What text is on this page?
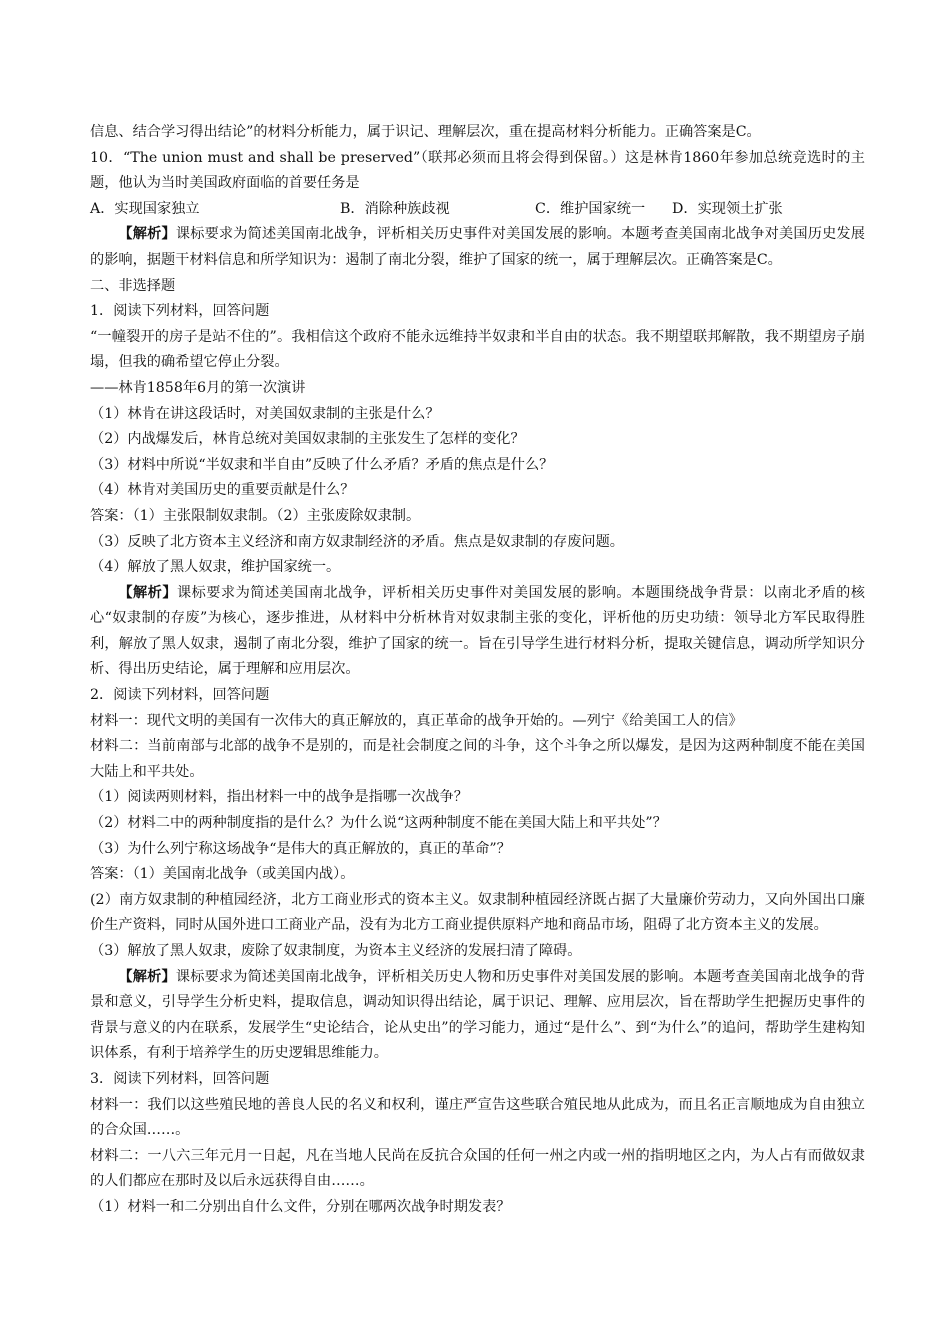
信息、结合学习得出结论”的材料分析能力，属于识记、理解层次，重在提高材料分析能力。正确答案是C。

10．“The union must and shall be preserved”（联邦必须而且将会得到保留。）这是林肯1860年参加总统竞选时的主题，他认为当时美国政府面临的首要任务是

A．实现国家独立	B．消除种族歧视	C．维护国家统一	D．实现领土扩张

【解析】课标要求为简述美国南北战争，评析相关历史事件对美国发展的影响。本题考查美国南北战争对美国历史发展的影响，据题干材料信息和所学知识为：遏制了南北分裂，维护了国家的统一，属于理解层次。正确答案是C。

二、非选择题

1．阅读下列材料，回答问题

“一幢裂开的房子是站不住的”。我相信这个政府不能永远维持半奴隶和半自由的状态。我不期望联邦解散，我不期望房子崩塌，但我的确希望它停止分裂。

——林肯1858年6月的第一次演讲

（1）林肯在讲这段话时，对美国奴隶制的主张是什么？

（2）内战爆发后，林肯总统对美国奴隶制的主张发生了怎样的变化？

（3）材料中所说“半奴隶和半自由”反映了什么矛盾？矛盾的焦点是什么？

（4）林肯对美国历史的重要贡献是什么？

答案：（1）主张限制奴隶制。（2）主张废除奴隶制。

（3）反映了北方资本主义经济和南方奴隶制经济的矛盾。焦点是奴隶制的存废问题。

（4）解放了黑人奴隶，维护国家统一。

【解析】课标要求为简述美国南北战争，评析相关历史事件对美国发展的影响。本题围绕战争背景：以南北矛盾的核心“奴隶制的存废”为核心，逐步推进，从材料中分析林肯对奴隶制主张的变化，评析他的历史功绩：领导北方军民取得胜利，解放了黑人奴隶，遏制了南北分裂，维护了国家的统一。旨在引导学生进行材料分析，提取关键信息，调动所学知识分析、得出历史结论，属于理解和应用层次。

2．阅读下列材料，回答问题

材料一：现代文明的美国有一次伟大的真正解放的，真正革命的战争开始的。—列宁《给美国工人的信》

材料二：当前南部与北部的战争不是别的，而是社会制度之间的斗争，这个斗争之所以爆发，是因为这两种制度不能在美国大陆上和平共处。

（1）阅读两则材料，指出材料一中的战争是指哪一次战争？

（2）材料二中的两种制度指的是什么？为什么说“这两种制度不能在美国大陆上和平共处”？

（3）为什么列宁称这场战争“是伟大的真正解放的，真正的革命”？

答案：（1）美国南北战争（或美国内战）。

(2）南方奴隶制的种植园经济，北方工商业形式的资本主义。奴隶制种植园经济既占据了大量廉价劳动力，又向外国出口廉价生产资料，同时从国外进口工商业产品，没有为北方工商业提供原料产地和商品市场，阻碍了北方资本主义的发展。

（3）解放了黑人奴隶，废除了奴隶制度，为资本主义经济的发展扫清了障碍。

【解析】课标要求为简述美国南北战争，评析相关历史人物和历史事件对美国发展的影响。本题考查美国南北战争的背景和意义，引导学生分析史料，提取信息，调动知识得出结论，属于识记、理解、应用层次，旨在帮助学生把握历史事件的背景与意义的内在联系，发展学生“史论结合，论从史出”的学习能力，通过“是什么”、到“为什么”的追问，帮助学生建构知识体系，有利于培养学生的历史逻辑思维能力。

3．阅读下列材料，回答问题

材料一：我们以这些殖民地的善良人民的名义和权利，谨庄严宣告这些联合殖民地从此成为，而且名正言顺地成为自由独立的合众国……。

材料二：一八六三年元月一日起，凡在当地人民尚在反抗合众国的任何一州之内或一州的指明地区之内，为人占有而做奴隶的人们都应在那时及以后永远获得自由……。

（1）材料一和二分别出自什么文件，分别在哪两次战争时期发表？
